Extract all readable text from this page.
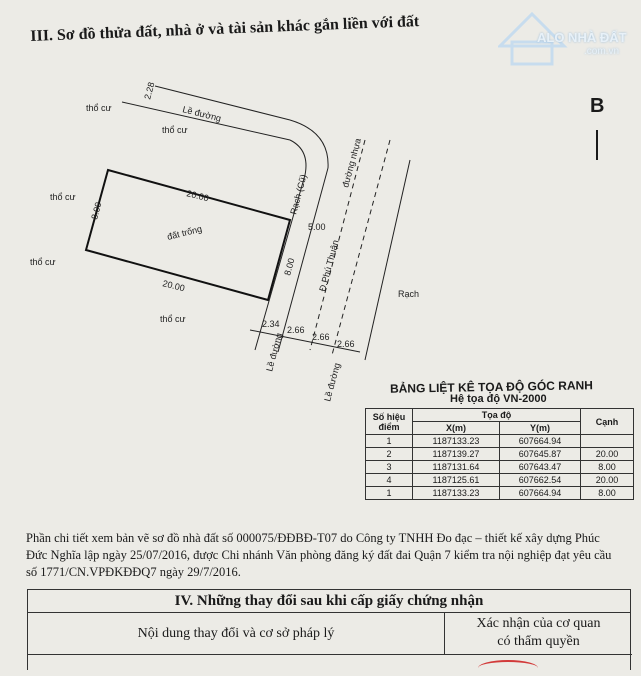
III. Sơ đồ thửa đất, nhà ở và tài sản khác gắn liền với đất	ALO NHÀ ĐẤT
.com.vn
B
thổ cư
thổ cư
Lề đường
thổ cư
thổ cư
thổ cư
đất trống
đường nhựa
Đ.Phú Thuận
Rạch (Cũ)
Rạch
Lề đường
Lề đường
20.00
20.00
8.00
8.00
5.00
2.28
2.34
2.66
2.66
2.66
BẢNG LIỆT KÊ TỌA ĐỘ GÓC RANH
Hệ tọa độ VN-2000
Số hiệu điểm	Tọa độ		Cạnh
	X(m)	Y(m)	
1	1187133.23	607664.94	
2	1187139.27	607645.87	20.00
3	1187131.64	607643.47	8.00
4	1187125.61	607662.54	20.00
1	1187133.23	607664.94	8.00
Phần chi tiết xem bản vẽ sơ đồ nhà đất số 000075/ĐĐBĐ-T07 do Công ty TNHH Đo đạc – thiết kế xây dựng Phúc Đức Nghĩa lập ngày 25/07/2016, được Chi nhánh Văn phòng đăng ký đất đai Quận 7 kiểm tra nội nghiệp đạt yêu cầu số 1771/CN.VPĐKĐĐQ7 ngày 29/7/2016.
IV. Những thay đổi sau khi cấp giấy chứng nhận
Nội dung thay đổi và cơ sở pháp lý
Xác nhận của cơ quan
có thẩm quyền
